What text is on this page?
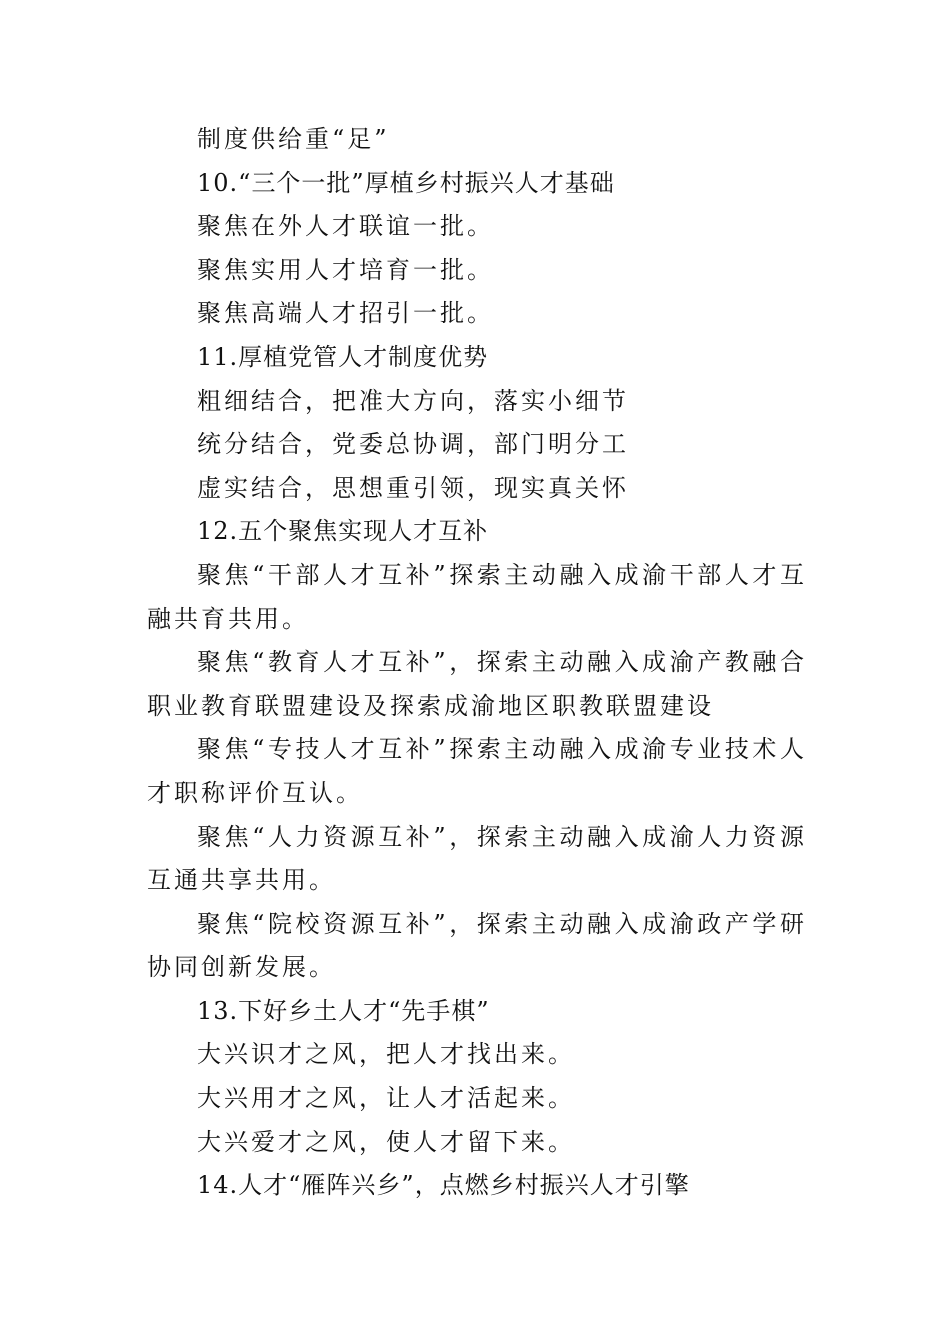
制度供给重“足”

10.“三个一批”厚植乡村振兴人才基础

聚焦在外人才联谊一批。

聚焦实用人才培育一批。

聚焦高端人才招引一批。

11.厚植党管人才制度优势

粗细结合，把准大方向，落实小细节

统分结合，党委总协调，部门明分工

虚实结合，思想重引领，现实真关怀

12.五个聚焦实现人才互补

聚焦“干部人才互补”探索主动融入成渝干部人才互融共育共用。

聚焦“教育人才互补”，探索主动融入成渝产教融合职业教育联盟建设及探索成渝地区职教联盟建设

聚焦“专技人才互补”探索主动融入成渝专业技术人才职称评价互认。

聚焦“人力资源互补”，探索主动融入成渝人力资源互通共享共用。

聚焦“院校资源互补”，探索主动融入成渝政产学研协同创新发展。

13.下好乡土人才“先手棋”

大兴识才之风，把人才找出来。

大兴用才之风，让人才活起来。

大兴爱才之风，使人才留下来。

14.人才“雁阵兴乡”，点燃乡村振兴人才引擎
